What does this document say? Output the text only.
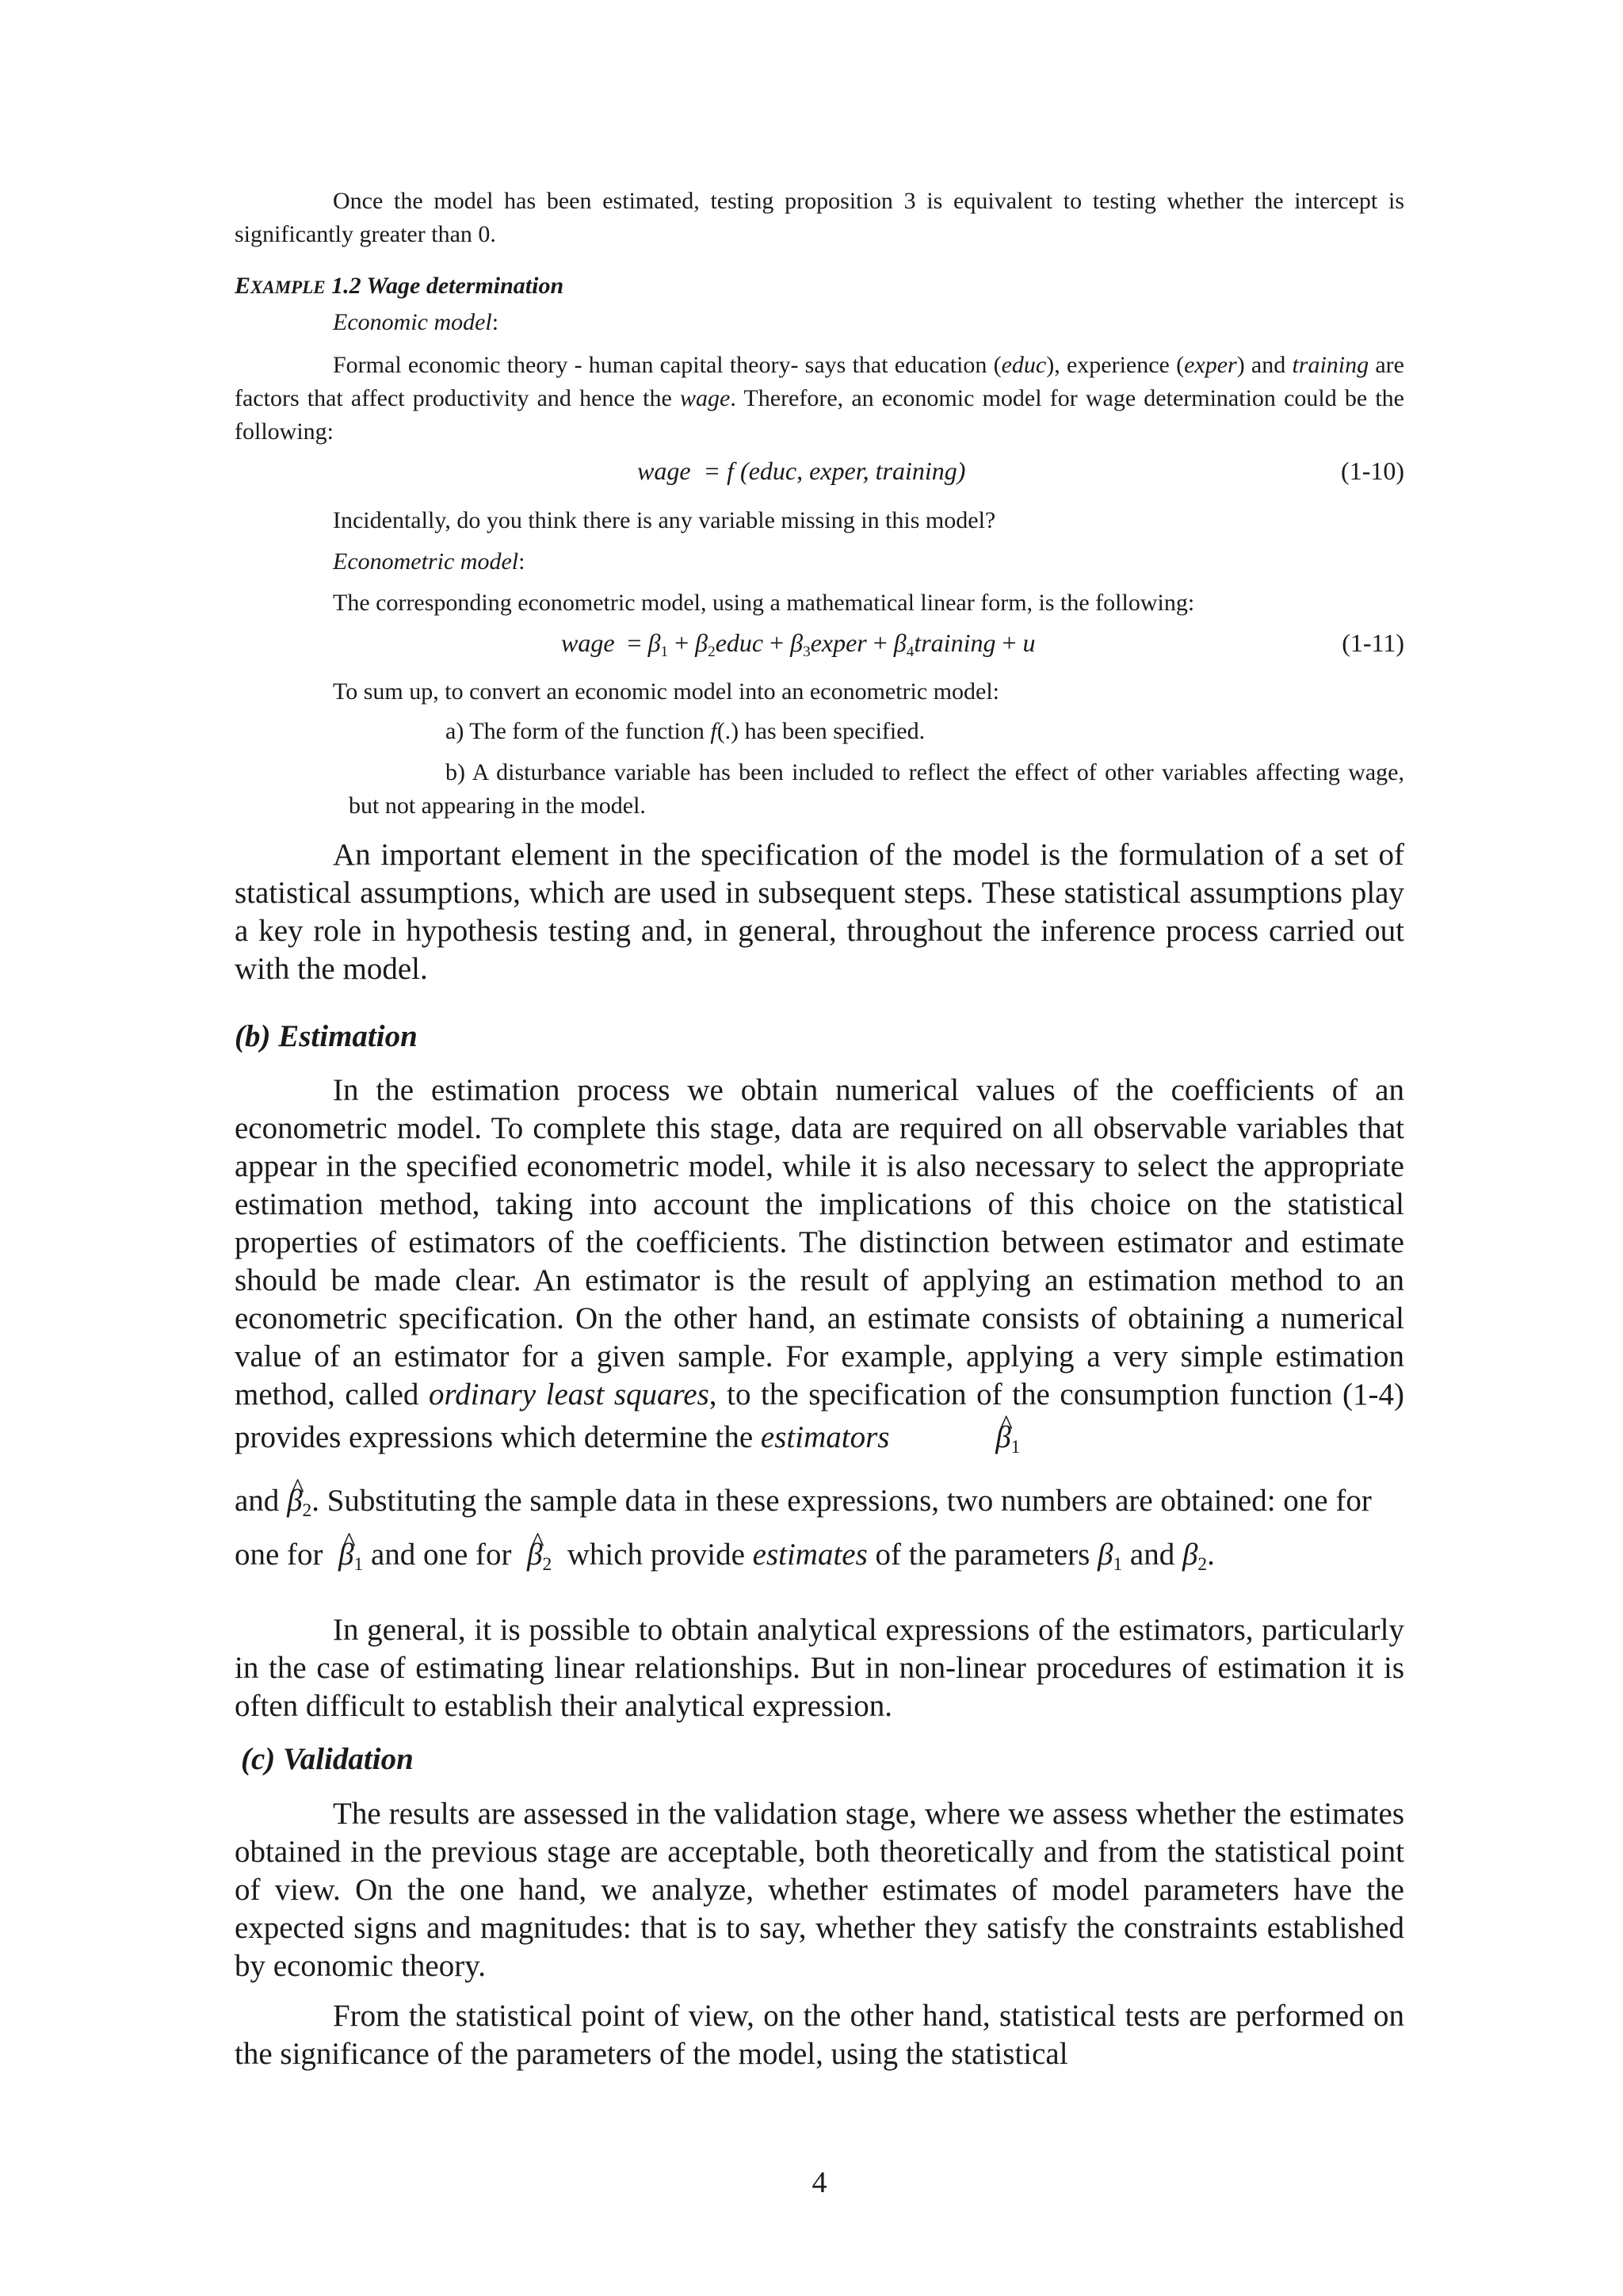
Once the model has been estimated, testing proposition 3 is equivalent to testing whether the intercept is significantly greater than 0.

EXAMPLE 1.2 Wage determination

Economic model:

Formal economic theory - human capital theory- says that education (educ), experience (exper) and training are factors that affect productivity and hence the wage. Therefore, an economic model for wage determination could be the following:

wage = f (educ, exper, training)	(1-10)

Incidentally, do you think there is any variable missing in this model?

Econometric model:

The corresponding econometric model, using a mathematical linear form, is the following:

wage  = $\beta_1$ + $\beta_2educ$ + $\beta_3exper$ + $\beta_4training + u$	(1-11)

To sum up, to convert an economic model into an econometric model:

a) The form of the function f(.) has been specified.

b) A disturbance variable has been included to reflect the effect of other variables affecting wage, but not appearing in the model.

An important element in the specification of the model is the formulation of a set of statistical assumptions, which are used in subsequent steps. These statistical assumptions play a key role in hypothesis testing and, in general, throughout the inference process carried out with the model.

(b) Estimation

In the estimation process we obtain numerical values of the coefficients of an econometric model. To complete this stage, data are required on all observable variables that appear in the specified econometric model, while it is also necessary to select the appropriate estimation method, taking into account the implications of this choice on the statistical properties of estimators of the coefficients. The distinction between estimator and estimate should be made clear. An estimator is the result of applying an estimation method to an econometric specification. On the other hand, an estimate consists of obtaining a numerical value of an estimator for a given sample. For example, applying a very simple estimation method, called ordinary least squares, to the specification of the consumption function (1-4) provides expressions which determine the estimators	^ $\beta_1$

and ^ $\beta_2$. Substituting the sample data in these expressions, two numbers are obtained: one for

one for  ^ $\beta_1$ and one for ^ $\beta_2$ which provide estimates of the parameters $\beta_1$ and $\beta_2$.

In general, it is possible to obtain analytical expressions of the estimators, particularly in the case of estimating linear relationships. But in non-linear procedures of estimation it is often difficult to establish their analytical expression.

(c) Validation

The results are assessed in the validation stage, where we assess whether the estimates obtained in the previous stage are acceptable, both theoretically and from the statistical point of view. On the one hand, we analyze, whether estimates of model parameters have the expected signs and magnitudes: that is to say, whether they satisfy the constraints established by economic theory.

From the statistical point of view, on the other hand, statistical tests are performed on the significance of the parameters of the model, using the statistical

4
